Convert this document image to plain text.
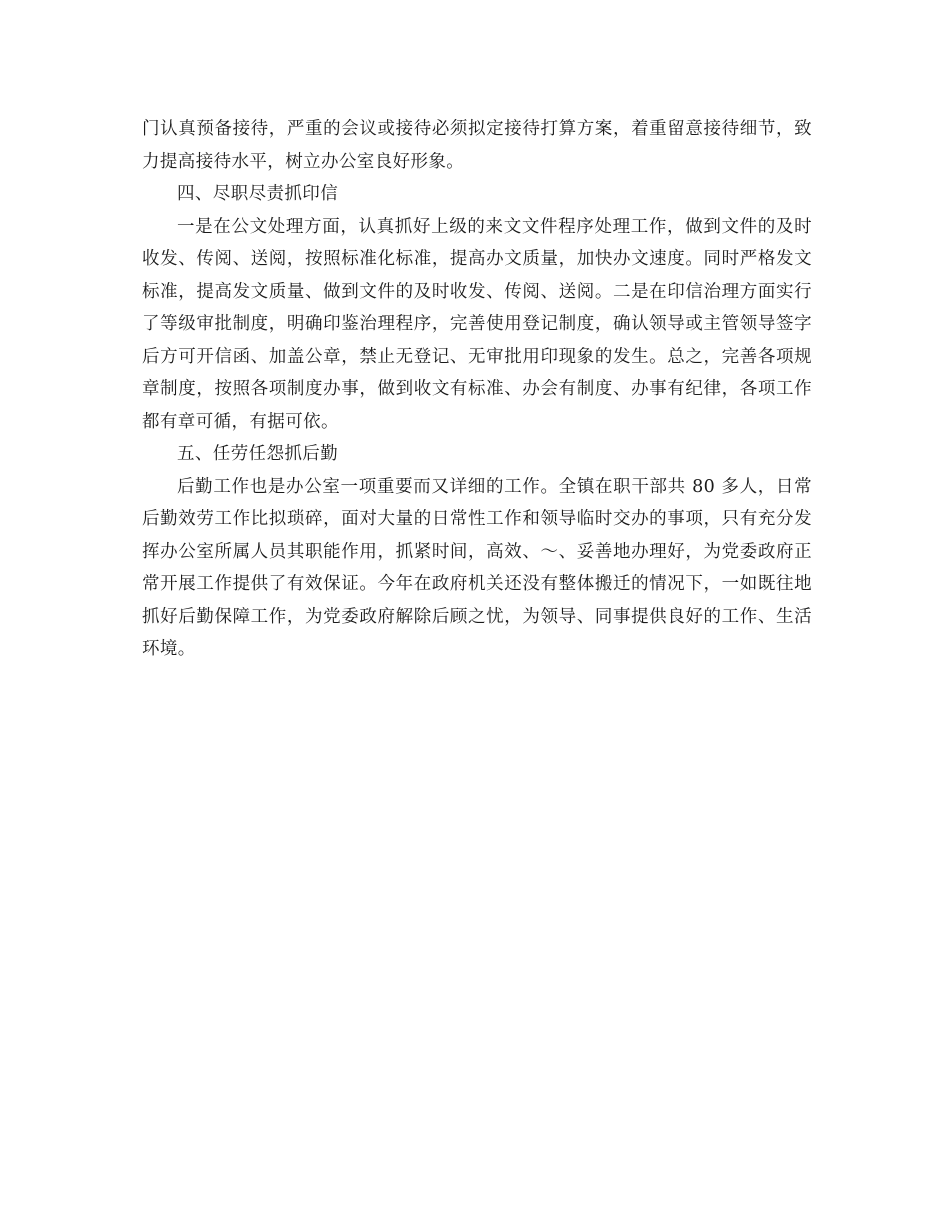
门认真预备接待，严重的会议或接待必须拟定接待打算方案，着重留意接待细节，致力提高接待水平，树立办公室良好形象。

四、尽职尽责抓印信

一是在公文处理方面，认真抓好上级的来文文件程序处理工作，做到文件的及时收发、传阅、送阅，按照标准化标准，提高办文质量，加快办文速度。同时严格发文标准，提高发文质量、做到文件的及时收发、传阅、送阅。二是在印信治理方面实行了等级审批制度，明确印鉴治理程序，完善使用登记制度，确认领导或主管领导签字后方可开信函、加盖公章，禁止无登记、无审批用印现象的发生。总之，完善各项规章制度，按照各项制度办事，做到收文有标准、办会有制度、办事有纪律，各项工作都有章可循，有据可依。

五、任劳任怨抓后勤

后勤工作也是办公室一项重要而又详细的工作。全镇在职干部共 80 多人，日常后勤效劳工作比拟琐碎，面对大量的日常性工作和领导临时交办的事项，只有充分发挥办公室所属人员其职能作用，抓紧时间，高效、～、妥善地办理好，为党委政府正常开展工作提供了有效保证。今年在政府机关还没有整体搬迁的情况下，一如既往地抓好后勤保障工作，为党委政府解除后顾之忧，为领导、同事提供良好的工作、生活环境。
